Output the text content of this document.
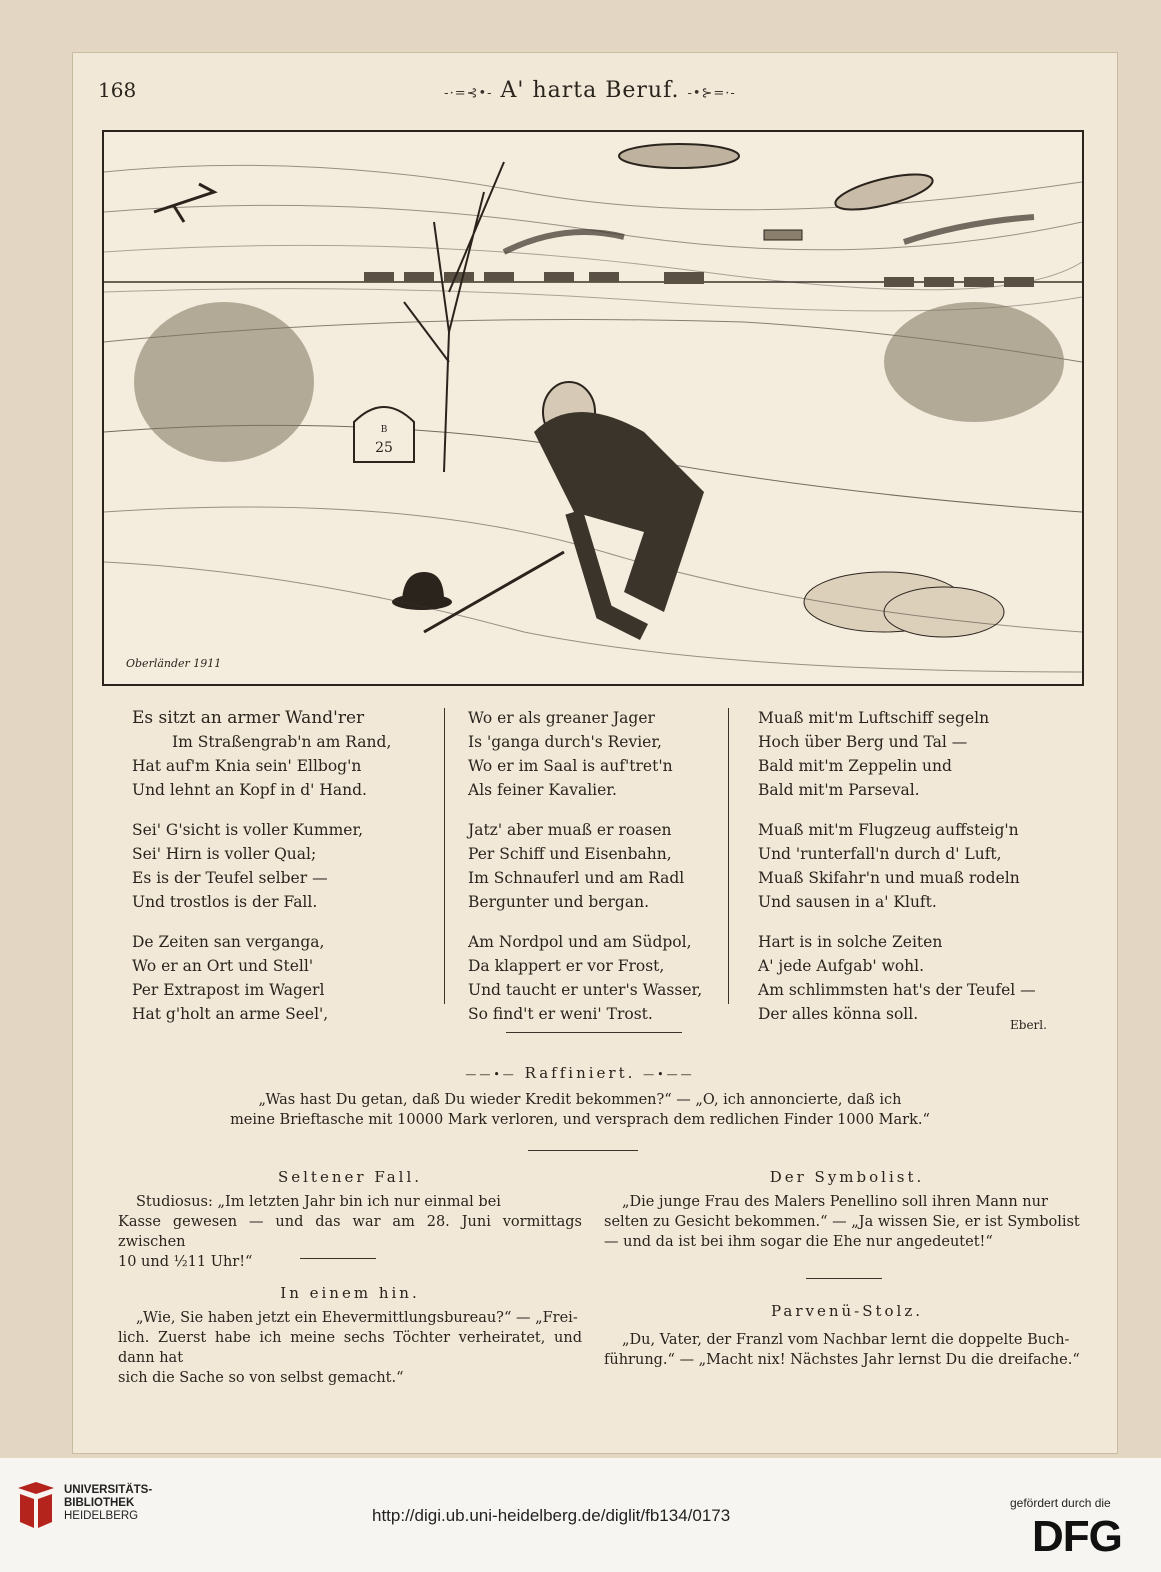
168	-·=⊰•- A' harta Beruf. -•⊱=·-
25
B
Oberländer 1911

Es sitzt an armer Wand'rer
Im Straßengrab'n am Rand,
Hat auf'm Knia sein' Ellbog'n
Und lehnt an Kopf in d' Hand.

Sei' G'sicht is voller Kummer,
Sei' Hirn is voller Qual;
Es is der Teufel selber —
Und trostlos is der Fall.

De Zeiten san verganga,
Wo er an Ort und Stell'
Per Extrapost im Wagerl
Hat g'holt an arme Seel',

Wo er als greaner Jager
Is 'ganga durch's Revier,
Wo er im Saal is auf'tret'n
Als feiner Kavalier.

Jatz' aber muaß er roasen
Per Schiff und Eisenbahn,
Im Schnauferl und am Radl
Bergunter und bergan.

Am Nordpol und am Südpol,
Da klappert er vor Frost,
Und taucht er unter's Wasser,
So find't er weni' Trost.

Muaß mit'm Luftschiff segeln
Hoch über Berg und Tal —
Bald mit'm Zeppelin und
Bald mit'm Parseval.

Muaß mit'm Flugzeug auffsteig'n
Und 'runterfall'n durch d' Luft,
Muaß Skifahr'n und muaß rodeln
Und sausen in a' Kluft.

Hart is in solche Zeiten
A' jede Aufgab' wohl.
Am schlimmsten hat's der Teufel —
Der alles könna soll.

Eberl.
——•— Raffiniert. —•——
„Was hast Du getan, daß Du wieder Kredit bekommen?“ — „O, ich annoncierte, daß ich
meine Brieftasche mit 10000 Mark verloren, und versprach dem redlichen Finder 1000 Mark.“
Seltener Fall.
Studiosus: „Im letzten Jahr bin ich nur einmal bei
Kasse gewesen — und das war am 28. Juni vormittags zwischen
10 und ½11 Uhr!“
Der Symbolist.
„Die junge Frau des Malers Penellino soll ihren Mann nur
selten zu Gesicht bekommen.“ — „Ja wissen Sie, er ist Symbolist
— und da ist bei ihm sogar die Ehe nur angedeutet!“
In einem hin.
„Wie, Sie haben jetzt ein Ehevermittlungsbureau?“ — „Frei-
lich. Zuerst habe ich meine sechs Töchter verheiratet, und dann hat
sich die Sache so von selbst gemacht.“
Parvenü-Stolz.
„Du, Vater, der Franzl vom Nachbar lernt die doppelte Buch-
führung.“ — „Macht nix! Nächstes Jahr lernst Du die dreifache.“
UNIVERSITÄTS-
BIBLIOTHEK
HEIDELBERG	http://digi.ub.uni-heidelberg.de/diglit/fb134/0173
gefördert durch die
DFG
